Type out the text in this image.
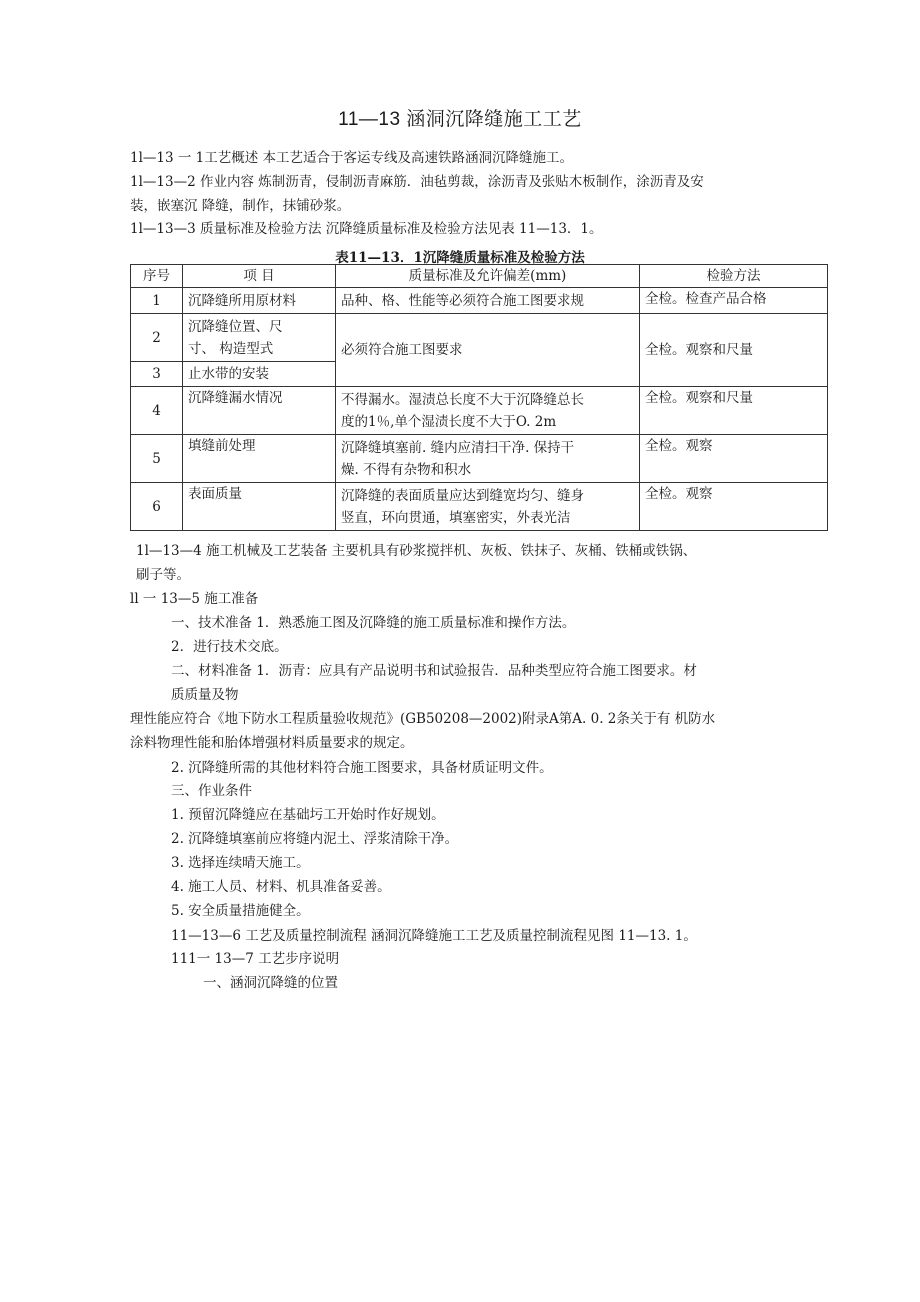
11—13 涵洞沉降缝施工工艺
1l—13 一 1工艺概述 本工艺适合于客运专线及高速铁路涵洞沉降缝施工。
1l—13—2 作业内容 炼制沥青，侵制沥青麻筋．油毡剪裁，涂沥青及张贴木板制作，涂沥青及安
装，嵌塞沉 降缝，制作，抹铺砂浆。
1l—13—3 质量标准及检验方法 沉降缝质量标准及检验方法见表 11—13．1。
表11—13．1沉降缝质量标准及检验方法
序号	项 目	质量标准及允许偏差(mm)	检验方法
1	沉降缝所用原材料	品种、格、性能等必须符合施工图要求规	全检。检查产品合格
2	沉降缝位置、尺
寸、 构造型式	必须符合施工图要求	全检。观察和尺量
3	止水带的安装		
4	沉降缝漏水情况	不得漏水。湿渍总长度不大于沉降缝总长
度的1％,单个湿渍长度不大于O. 2m	全检。观察和尺量
5	填缝前处理	沉降缝填塞前. 缝内应清扫干净. 保持干
燥. 不得有杂物和积水	全检。观察
6	表面质量	沉降缝的表面质量应达到缝宽均匀、缝身
竖直，环向贯通，填塞密实，外表光洁	全检。观察
1l—13—4 施工机械及工艺装备 主要机具有砂浆搅拌机、灰板、铁抹子、灰桶、铁桶或铁锅、
刷子等。
ll 一 13—5 施工准备
一、技术准备 1．熟悉施工图及沉降缝的施工质量标准和操作方法。
2．进行技术交底。
二、材料准备 1．沥青：应具有产品说明书和试验报告．品种类型应符合施工图要求。材
质质量及物
理性能应符合《地下防水工程质量验收规范》(GB50208—2002)附录A第A. 0. 2条关于有 机防水
涂料物理性能和胎体增强材料质量要求的规定。
2. 沉降缝所需的其他材料符合施工图要求，具备材质证明文件。
三、作业条件
1. 预留沉降缝应在基础圬工开始时作好规划。
2. 沉降缝填塞前应将缝内泥土、浮浆清除干净。
3. 选择连续晴天施工。
4. 施工人员、材料、机具准备妥善。
5. 安全质量措施健全。
11—13—6 工艺及质量控制流程 涵洞沉降缝施工工艺及质量控制流程见图 11—13. 1。
111一 13—7 工艺步序说明
一、涵洞沉降缝的位置
